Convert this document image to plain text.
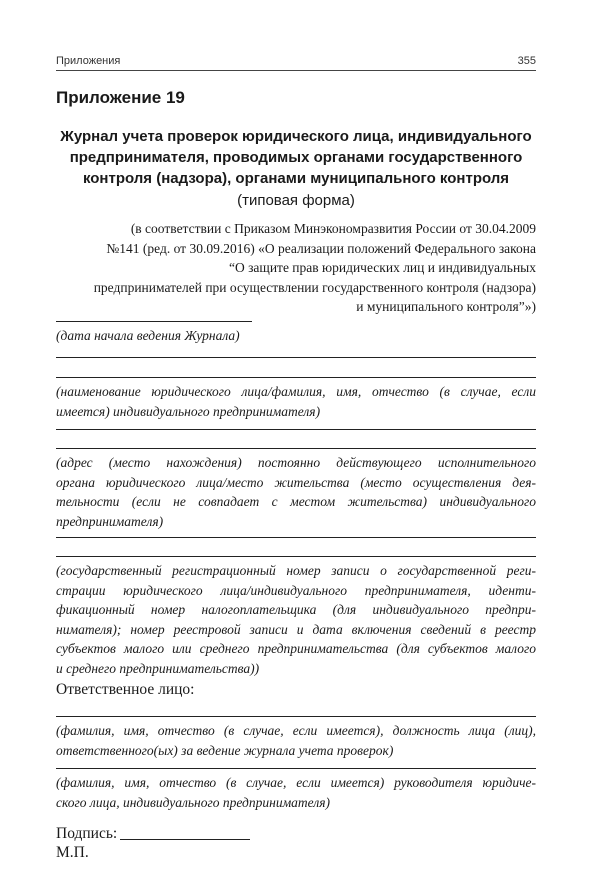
Приложения	355
Приложение 19
Журнал учета проверок юридического лица, индивидуального
предпринимателя, проводимых органами государственного
контроля (надзора), органами муниципального контроля
(типовая форма)
(в соответствии с Приказом Минэкономразвития России от 30.04.2009
№141 (ред. от 30.09.2016) «О реализации положений Федерального закона
“О защите прав юридических лиц и индивидуальных
предпринимателей при осуществлении государственного контроля (надзора)
и муниципального контроля”»)
(дата начала ведения Журнала)
(наименование юридического лица/фамилия, имя, отчество (в случае, если
имеется) индивидуального предпринимателя)
(адрес (место нахождения) постоянно действующего исполнительного
органа юридического лица/место жительства (место осуществления дея-
тельности (если не совпадает с местом жительства) индивидуального
предпринимателя)
(государственный регистрационный номер записи о государственной реги-
страции юридического лица/индивидуального предпринимателя, иденти-
фикационный номер налогоплательщика (для индивидуального предпри-
нимателя); номер реестровой записи и дата включения сведений в реестр
субъектов малого или среднего предпринимательства (для субъектов малого
и среднего предпринимательства))
Ответственное лицо:
(фамилия, имя, отчество (в случае, если имеется), должность лица (лиц),
ответственного(ых) за ведение журнала учета проверок)
(фамилия, имя, отчество (в случае, если имеется) руководителя юридиче-
ского лица, индивидуального предпринимателя)
Подпись:
М.П.
